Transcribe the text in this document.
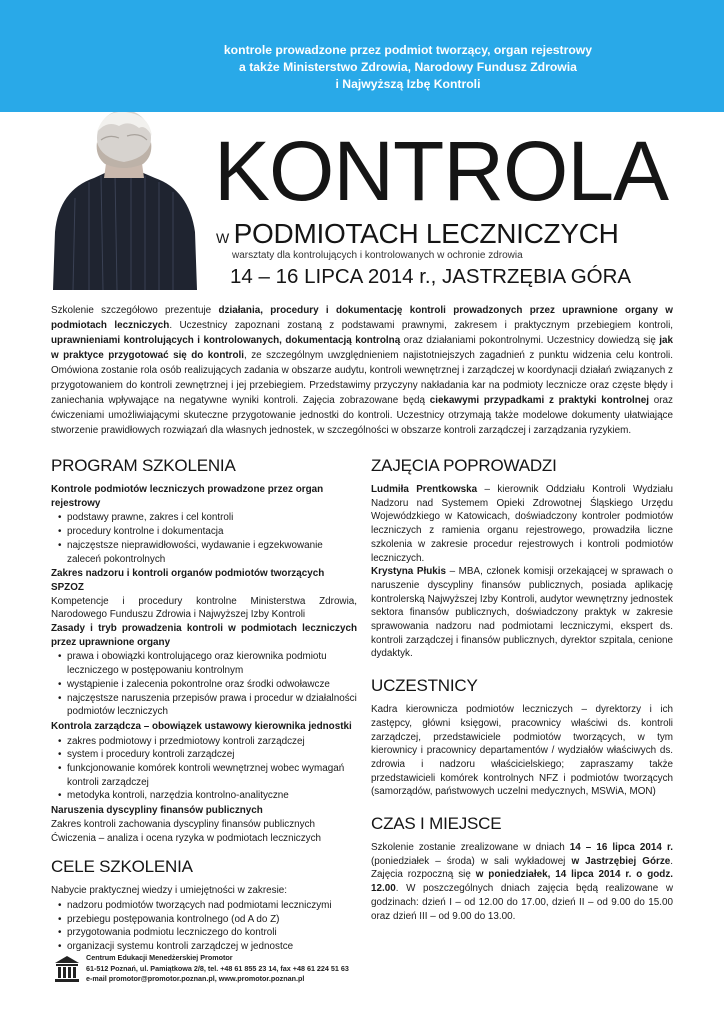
kontrole prowadzone przez podmiot tworzący, organ rejestrowy
a także Ministerstwo Zdrowia, Narodowy Fundusz Zdrowia
i Najwyższą Izbę Kontroli
KONTROLA
W PODMIOTACH LECZNICZYCH
warsztaty dla kontrolujących i kontrolowanych w ochronie zdrowia
14 – 16 LIPCA 2014 r., JASTRZĘBIA GÓRA
Szkolenie szczegółowo prezentuje działania, procedury i dokumentację kontroli prowadzonych przez uprawnione organy w podmiotach leczniczych. Uczestnicy zapoznani zostaną z podstawami prawnymi, zakresem i praktycznym przebiegiem kontroli, uprawnieniami kontrolujących i kontrolowanych, dokumentacją kontrolną oraz działaniami pokontrolnymi. Uczestnicy dowiedzą się jak w praktyce przygotować się do kontroli, ze szczególnym uwzględnieniem najistotniejszych zagadnień z punktu widzenia celu kontroli. Omówiona zostanie rola osób realizujących zadania w obszarze audytu, kontroli wewnętrznej i zarządczej w koordynacji działań związanych z przygotowaniem do kontroli zewnętrznej i jej przebiegiem. Przedstawimy przyczyny nakładania kar na podmioty lecznicze oraz częste błędy i zaniechania wpływające na negatywne wyniki kontroli. Zajęcia zobrazowane będą ciekawymi przypadkami z praktyki kontrolnej oraz ćwiczeniami umożliwiającymi skuteczne przygotowanie jednostki do kontroli. Uczestnicy otrzymają także modelowe dokumenty ułatwiające stworzenie prawidłowych rozwiązań dla własnych jednostek, w szczególności w obszarze kontroli zarządczej i zarządzania ryzykiem.
PROGRAM SZKOLENIA
Kontrole podmiotów leczniczych prowadzone przez organ rejestrowy
• podstawy prawne, zakres i cel kontroli
• procedury kontrolne i dokumentacja
• najczęstsze nieprawidłowości, wydawanie i egzekwowanie zaleceń pokontrolnych
Zakres nadzoru i kontroli organów podmiotów tworzących SPZOZ
Kompetencje i procedury kontrolne Ministerstwa Zdrowia, Narodowego Funduszu Zdrowia i Najwyższej Izby Kontroli
Zasady i tryb prowadzenia kontroli w podmiotach leczniczych przez uprawnione organy
• prawa i obowiązki kontrolującego oraz kierownika podmiotu leczniczego w postępowaniu kontrolnym
• wystąpienie i zalecenia pokontrolne oraz środki odwoławcze
• najczęstsze naruszenia przepisów prawa i procedur w działalności podmiotów leczniczych
Kontrola zarządcza – obowiązek ustawowy kierownika jednostki
• zakres podmiotowy i przedmiotowy kontroli zarządczej
• system i procedury kontroli zarządczej
• funkcjonowanie komórek kontroli wewnętrznej wobec wymagań kontroli zarządczej
• metodyka kontroli, narzędzia kontrolno-analityczne
Naruszenia dyscypliny finansów publicznych
Zakres kontroli zachowania dyscypliny finansów publicznych
Ćwiczenia – analiza i ocena ryzyka w podmiotach leczniczych
CELE SZKOLENIA
Nabycie praktycznej wiedzy i umiejętności w zakresie:
• nadzoru podmiotów tworzących nad podmiotami leczniczymi
• przebiegu postępowania kontrolnego (od A do Z)
• przygotowania podmiotu leczniczego do kontroli
• organizacji systemu kontroli zarządczej w jednostce
ZAJĘCIA POPROWADZI
Ludmiła Prentkowska – kierownik Oddziału Kontroli Wydziału Nadzoru nad Systemem Opieki Zdrowotnej Śląskiego Urzędu Wojewódzkiego w Katowicach, doświadczony kontroler podmiotów leczniczych z ramienia organu rejestrowego, prowadziła liczne szkolenia w zakresie procedur rejestrowych i kontroli podmiotów leczniczych.
Krystyna Płukis – MBA, członek komisji orzekającej w sprawach o naruszenie dyscypliny finansów publicznych, posiada aplikację kontrolerską Najwyższej Izby Kontroli, audytor wewnętrzny jednostek sektora finansów publicznych, doświadczony praktyk w zakresie sprawowania nadzoru nad podmiotami leczniczymi, ekspert ds. kontroli zarządczej i finansów publicznych, dyrektor szpitala, cenione dydaktyk.
UCZESTNICY
Kadra kierownicza podmiotów leczniczych – dyrektorzy i ich zastępcy, główni księgowi, pracownicy właściwi ds. kontroli zarządczej, przedstawiciele podmiotów tworzących, w tym kierownicy i pracownicy departamentów / wydziałów właściwych ds. zdrowia i nadzoru właścicielskiego; zapraszamy także przedstawicieli komórek kontrolnych NFZ i podmiotów tworzących (samorządów, państwowych uczelni medycznych, MSWiA, MON)
CZAS I MIEJSCE
Szkolenie zostanie zrealizowane w dniach 14 – 16 lipca 2014 r. (poniedziałek – środa) w sali wykładowej w Jastrzębiej Górze. Zajęcia rozpoczną się w poniedziałek, 14 lipca 2014 r. o godz. 12.00. W poszczególnych dniach zajęcia będą realizowane w godzinach: dzień I – od 12.00 do 17.00, dzień II – od 9.00 do 15.00 oraz dzień III – od 9.00 do 13.00.
Centrum Edukacji Menedżerskiej Promotor
61-512 Poznań, ul. Pamiątkowa 2/8, tel. +48 61 855 23 14, fax +48 61 224 51 63
e-mail promotor@promotor.poznan.pl, www.promotor.poznan.pl
